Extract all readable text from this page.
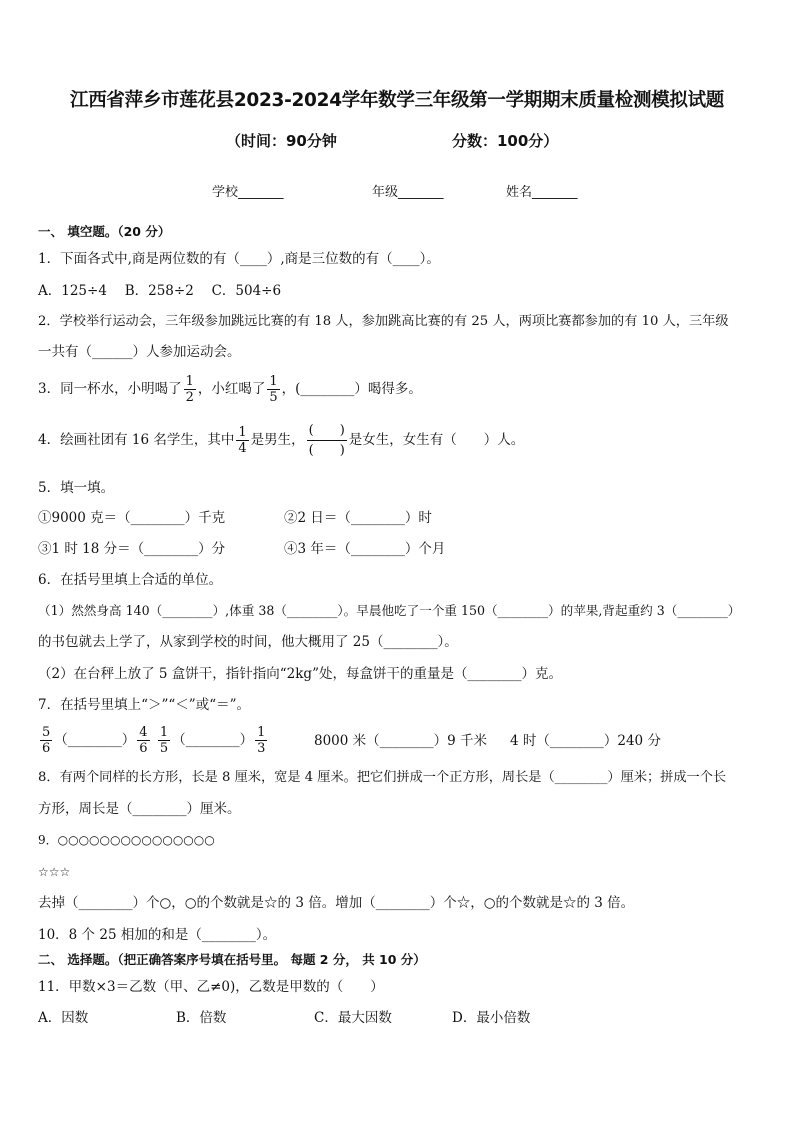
江西省萍乡市莲花县2023-2024学年数学三年级第一学期期末质量检测模拟试题
（时间：90分钟	分数：100分）
学校_______	年级_______	姓名_______
一、 填空题。（20 分）
1．下面各式中,商是两位数的有（____）,商是三位数的有（____）。
A．125÷4　 B．258÷2　 C．504÷6
2．学校举行运动会，三年级参加跳远比赛的有 18 人，参加跳高比赛的有 25 人，两项比赛都参加的有 10 人，三年级
一共有（______）人参加运动会。
3．同一杯水，小明喝了 $\frac{1}{2}$ ，小红喝了 $\frac{1}{5}$ ，(________）喝得多。
4．绘画社团有 16 名学生，其中 $\frac{1}{4}$ 是男生， $\frac{( )}{( )}$ 是女生，女生有（　　）人。
5．填一填。
①9000 克＝（________）千克	②2 日＝（________）时
③1 时 18 分＝（________）分	④3 年＝（________）个月
6．在括号里填上合适的单位。
（1）然然身高 140（________）,体重 38（________）。早晨他吃了一个重 150（________）的苹果,背起重约 3（________）
的书包就去上学了，从家到学校的时间，他大概用了 25（________）。
（2）在台秤上放了 5 盒饼干，指针指向“2kg”处，每盒饼干的重量是（________）克。
7．在括号里填上“＞”“＜”或“＝”。
$\frac{5}{6}$ （________） $\frac{4}{6}$
$\frac{1}{5}$ （________） $\frac{1}{3}$	8000 米（________）9 千米 4 时（________）240 分
8．有两个同样的长方形，长是 8 厘米，宽是 4 厘米。把它们拼成一个正方形，周长是（________）厘米；拼成一个长
方形，周长是（________）厘米。
9．○○○○○○○○○○○○○○○
☆☆☆
去掉（________）个○，○的个数就是☆的 3 倍。增加（________）个☆，○的个数就是☆的 3 倍。
10．8 个 25 相加的和是（________）。
二、 选择题。（把正确答案序号填在括号里。 每题 2 分， 共 10 分）
11．甲数×3＝乙数（甲、乙≠0)，乙数是甲数的（　　）
A．因数	B．倍数	C．最大因数	D．最小倍数
